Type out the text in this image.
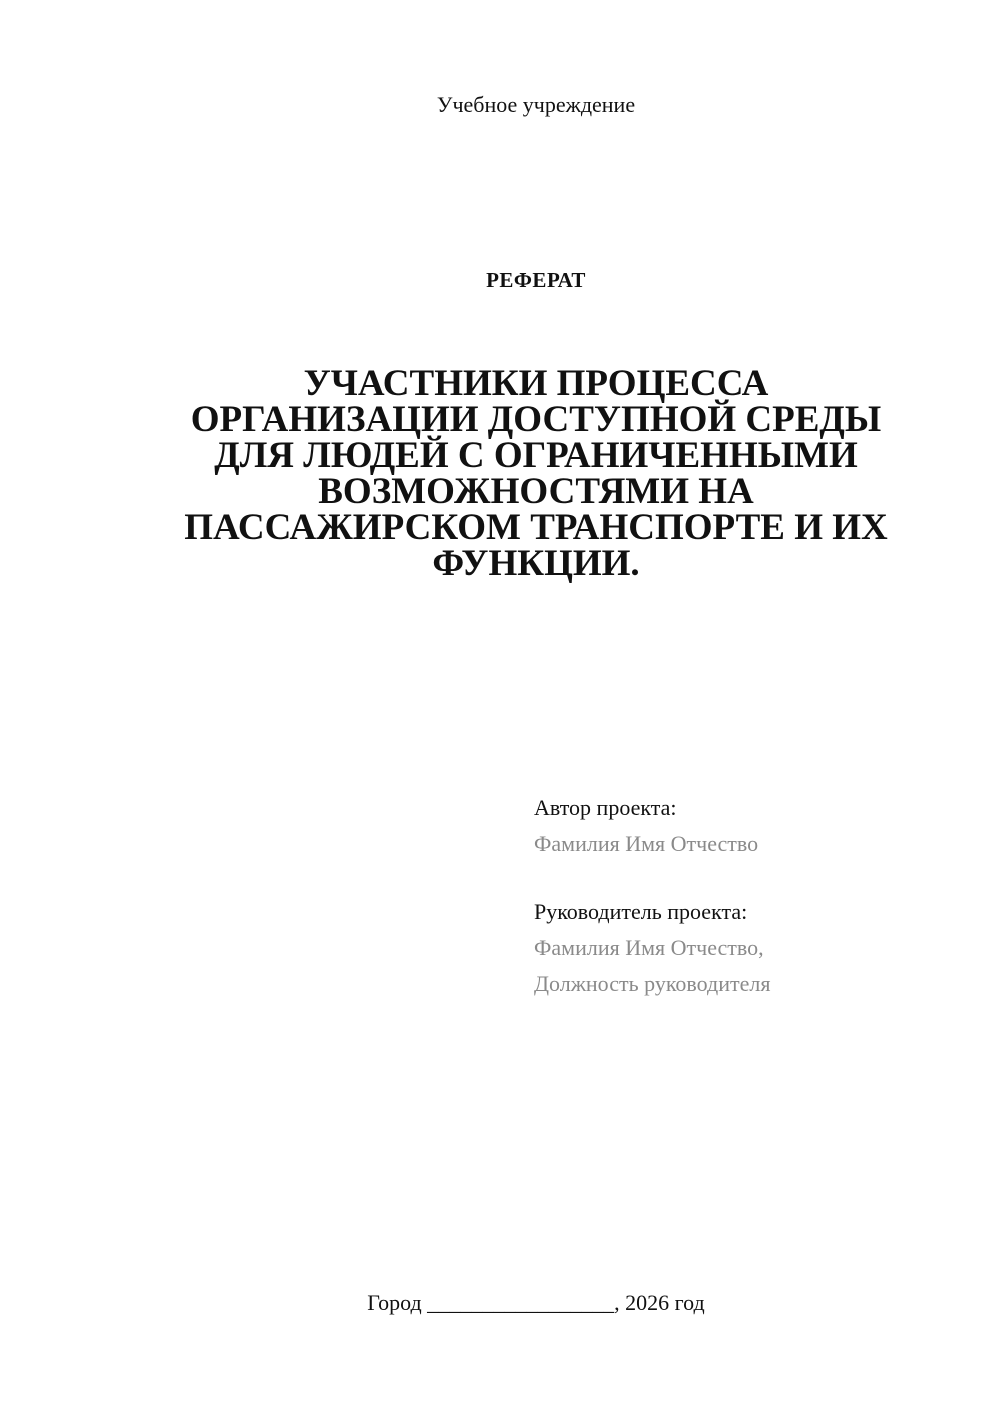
Учебное учреждение
РЕФЕРАТ
УЧАСТНИКИ ПРОЦЕССА
ОРГАНИЗАЦИИ ДОСТУПНОЙ СРЕДЫ
ДЛЯ ЛЮДЕЙ С ОГРАНИЧЕННЫМИ
ВОЗМОЖНОСТЯМИ НА
ПАССАЖИРСКОМ ТРАНСПОРТЕ И ИХ
ФУНКЦИИ.
Автор проекта:
Фамилия Имя Отчество
Руководитель проекта:
Фамилия Имя Отчество,
Должность руководителя
Город _________________, 2026 год
